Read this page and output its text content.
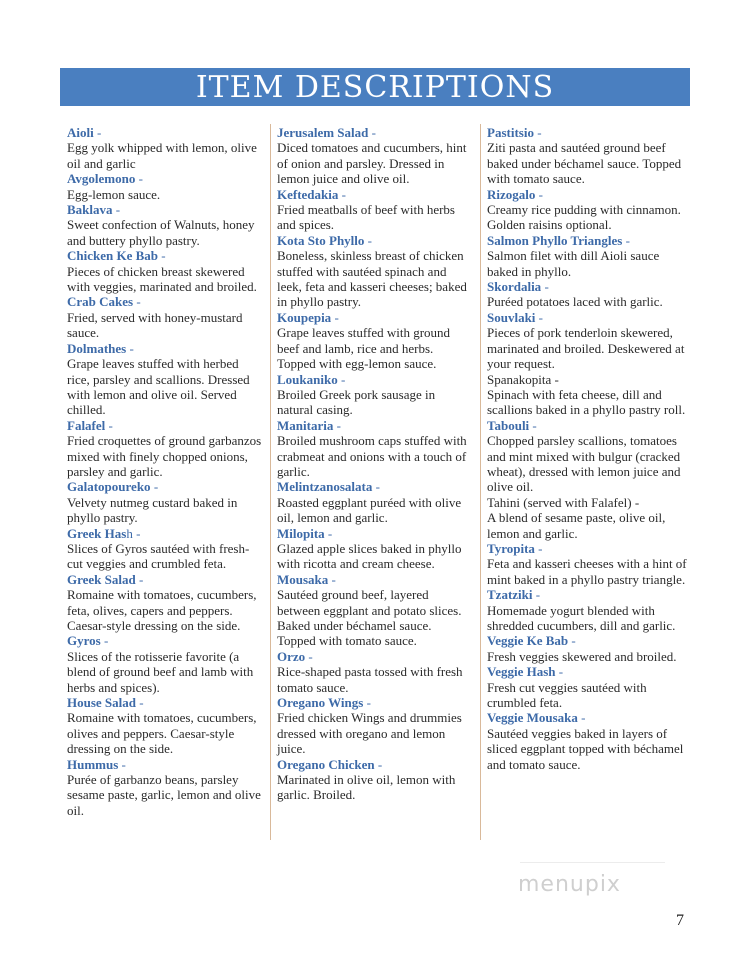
ITEM DESCRIPTIONS
Aioli -
Egg yolk whipped with lemon, olive oil and garlic
Avgolemono -
Egg-lemon sauce.
Baklava -
Sweet confection of Walnuts, honey and buttery phyllo pastry.
Chicken Ke Bab -
Pieces of chicken breast skewered with veggies, marinated and broiled.
Crab Cakes -
Fried, served with honey-mustard sauce.
Dolmathes -
Grape leaves stuffed with herbed rice, parsley and scallions. Dressed with lemon and olive oil. Served chilled.
Falafel -
Fried croquettes of ground garbanzos mixed with finely chopped onions, parsley and garlic.
Galatopoureko -
Velvety nutmeg custard baked in phyllo pastry.
Greek Hash -
Slices of Gyros sautéed with fresh-cut veggies and crumbled feta.
Greek Salad -
Romaine with tomatoes, cucumbers, feta, olives, capers and peppers. Caesar-style dressing on the side.
Gyros -
Slices of the rotisserie favorite (a blend of ground beef and lamb with herbs and spices).
House Salad -
Romaine with tomatoes, cucumbers, olives and peppers. Caesar-style dressing on the side.
Hummus -
Purée of garbanzo beans, parsley sesame paste, garlic, lemon and olive oil.
Jerusalem Salad -
Diced tomatoes and cucumbers, hint of onion and parsley. Dressed in lemon juice and olive oil.
Keftedakia -
Fried meatballs of beef with herbs and spices.
Kota Sto Phyllo -
Boneless, skinless breast of chicken stuffed with sautéed spinach and leek, feta and kasseri cheeses; baked in phyllo pastry.
Koupepia -
Grape leaves stuffed with ground beef and lamb, rice and herbs. Topped with egg-lemon sauce.
Loukaniko -
Broiled Greek pork sausage in natural casing.
Manitaria -
Broiled mushroom caps stuffed with crabmeat and onions with a touch of garlic.
Melintzanosalata -
Roasted eggplant puréed with olive oil, lemon and garlic.
Milopita -
Glazed apple slices baked in phyllo with ricotta and cream cheese.
Mousaka -
Sautéed ground beef, layered between eggplant and potato slices. Baked under béchamel sauce. Topped with tomato sauce.
Orzo -
Rice-shaped pasta tossed with fresh tomato sauce.
Oregano Wings -
Fried chicken Wings and drummies dressed with oregano and lemon juice.
Oregano Chicken -
Marinated in olive oil, lemon with garlic. Broiled.
Pastitsio -
Ziti pasta and sautéed ground beef baked under béchamel sauce. Topped with tomato sauce.
Rizogalo -
Creamy rice pudding with cinnamon. Golden raisins optional.
Salmon Phyllo Triangles -
Salmon filet with dill Aioli sauce baked in phyllo.
Skordalia -
Puréed potatoes laced with garlic.
Souvlaki -
Pieces of pork tenderloin skewered, marinated and broiled. Deskewered at your request.
Spanakopita -
Spinach with feta cheese, dill and scallions baked in a phyllo pastry roll.
Tabouli -
Chopped parsley scallions, tomatoes and mint mixed with bulgur (cracked wheat), dressed with lemon juice and olive oil.
Tahini (served with Falafel) -
A blend of sesame paste, olive oil, lemon and garlic.
Tyropita -
Feta and kasseri cheeses with a hint of mint baked in a phyllo pastry triangle.
Tzatziki -
Homemade yogurt blended with shredded cucumbers, dill and garlic.
Veggie Ke Bab -
Fresh veggies skewered and broiled.
Veggie Hash -
Fresh cut veggies sautéed with crumbled feta.
Veggie Mousaka -
Sautéed veggies baked in layers of sliced eggplant topped with béchamel and tomato sauce.
menupix
7
